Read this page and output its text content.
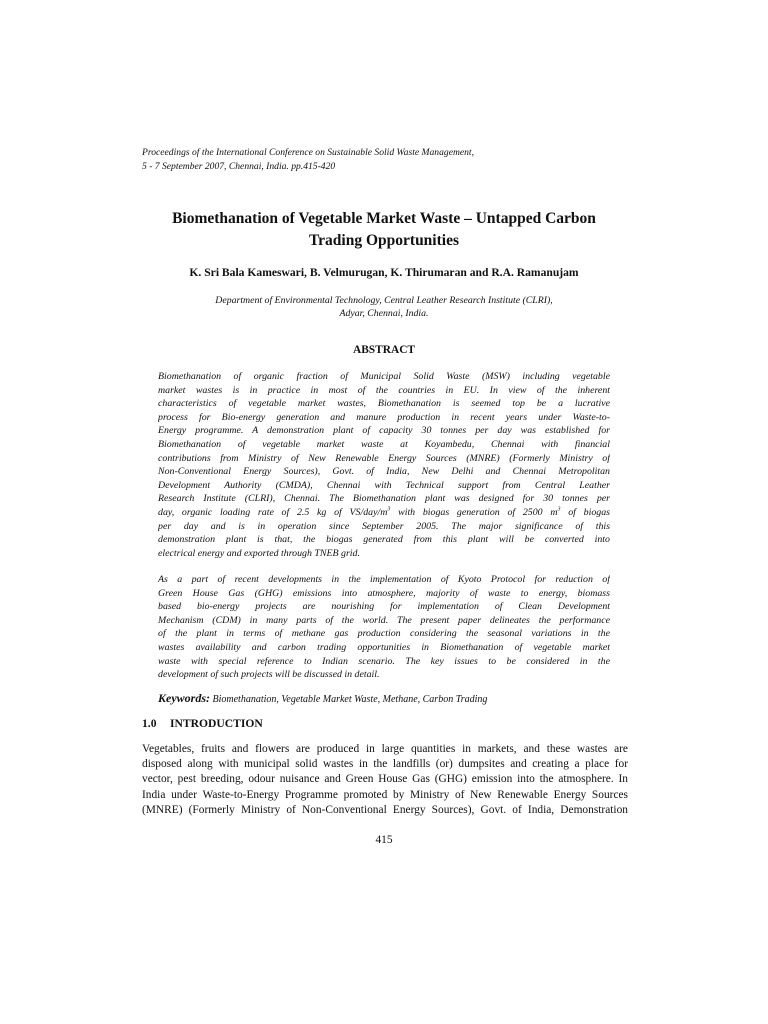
Proceedings of the International Conference on Sustainable Solid Waste Management,
5 - 7 September 2007, Chennai, India. pp.415-420
Biomethanation of Vegetable Market Waste – Untapped Carbon
Trading Opportunities
K. Sri Bala Kameswari, B. Velmurugan, K. Thirumaran and R.A. Ramanujam
Department of Environmental Technology, Central Leather Research Institute (CLRI),
Adyar, Chennai, India.
ABSTRACT
Biomethanation of organic fraction of Municipal Solid Waste (MSW) including vegetable
market wastes is in practice in most of the countries in EU. In view of the inherent
characteristics of vegetable market wastes, Biomethanation is seemed top be a lucrative
process for Bio-energy generation and manure production in recent years under Waste-to-
Energy programme. A demonstration plant of capacity 30 tonnes per day was established for
Biomethanation of vegetable market waste at Koyambedu, Chennai with financial
contributions from Ministry of New Renewable Energy Sources (MNRE) (Formerly Ministry of
Non-Conventional Energy Sources), Govt. of India, New Delhi and Chennai Metropolitan
Development Authority (CMDA), Chennai with Technical support from Central Leather
Research Institute (CLRI), Chennai. The Biomethanation plant was designed for 30 tonnes per
day, organic loading rate of 2.5 kg of $VS/day/m^3$ with biogas generation of 2500 $m^3$ of biogas
per day and is in operation since September 2005. The major significance of this
demonstration plant is that, the biogas generated from this plant will be converted into
electrical energy and exported through TNEB grid.
As a part of recent developments in the implementation of Kyoto Protocol for reduction of
Green House Gas (GHG) emissions into atmosphere, majority of waste to energy, biomass
based bio-energy projects are nourishing for implementation of Clean Development
Mechanism (CDM) in many parts of the world. The present paper delineates the performance
of the plant in terms of methane gas production considering the seasonal variations in the
wastes availability and carbon trading opportunities in Biomethanation of vegetable market
waste with special reference to Indian scenario. The key issues to be considered in the
development of such projects will be discussed in detail.
Keywords: Biomethanation, Vegetable Market Waste, Methane, Carbon Trading
1.0 INTRODUCTION
Vegetables, fruits and flowers are produced in large quantities in markets, and these wastes are
disposed along with municipal solid wastes in the landfills (or) dumpsites and creating a place for
vector, pest breeding, odour nuisance and Green House Gas (GHG) emission into the atmosphere. In
India under Waste-to-Energy Programme promoted by Ministry of New Renewable Energy Sources
(MNRE) (Formerly Ministry of Non-Conventional Energy Sources), Govt. of India, Demonstration
415
